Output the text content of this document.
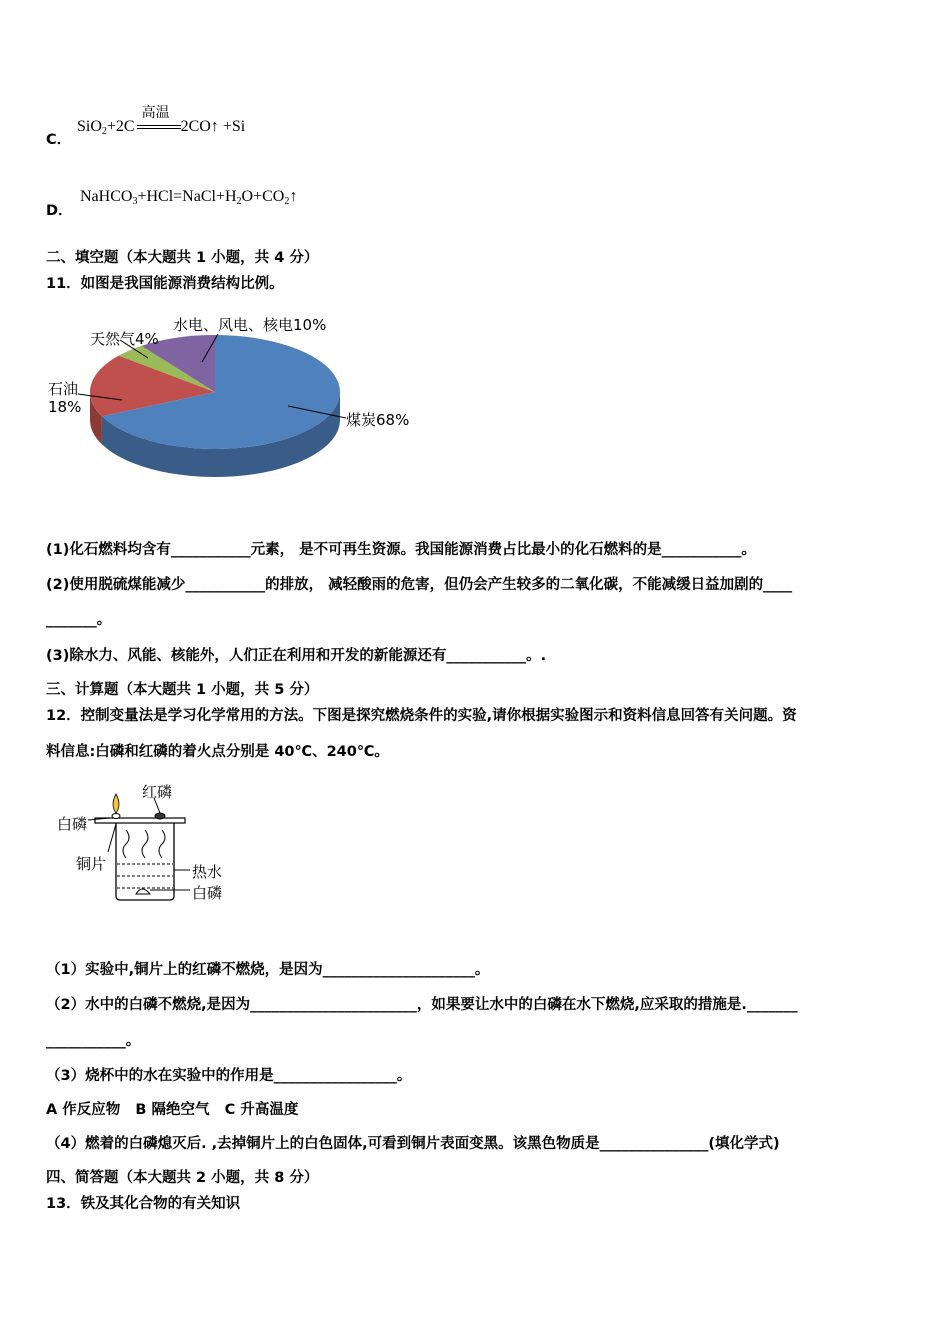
C．
SiO$_2$+2C
高温
2CO↑ +Si
D．
$NaHCO_3+HCl=NaCl+H_2O+CO_2↑$
二、填空题（本大题共 1 小题，共 4 分）
11．如图是我国能源消费结构比例。
水电、风电、核电10%
天然气4%
石油
18%
煤炭68%
(1)化石燃料均含有___________元素， 是不可再生资源。我国能源消费占比最小的化石燃料的是___________。
(2)使用脱硫煤能减少___________的排放， 减轻酸雨的危害，但仍会产生较多的二氧化碳，不能减缓日益加剧的____
_______。
(3)除水力、风能、核能外，人们正在利用和开发的新能源还有___________。.
三、计算题（本大题共 1 小题，共 5 分）
12．控制变量法是学习化学常用的方法。下图是探究燃烧条件的实验,请你根据实验图示和资料信息回答有关问题。资
料信息:白磷和红磷的着火点分别是 40℃、240℃。
红磷
白磷
铜片	热水
白磷
（1）实验中,铜片上的红磷不燃烧，是因为_____________________。
（2）水中的白磷不燃烧,是因为_______________________，如果要让水中的白磷在水下燃烧,应采取的措施是._______
___________。
（3）烧杯中的水在实验中的作用是_________________。
A 作反应物   B 隔绝空气   C 升高温度
（4）燃着的白磷熄灭后. ,去掉铜片上的白色固体,可看到铜片表面变黑。该黑色物质是_______________(填化学式)
四、简答题（本大题共 2 小题，共 8 分）
13．铁及其化合物的有关知识
